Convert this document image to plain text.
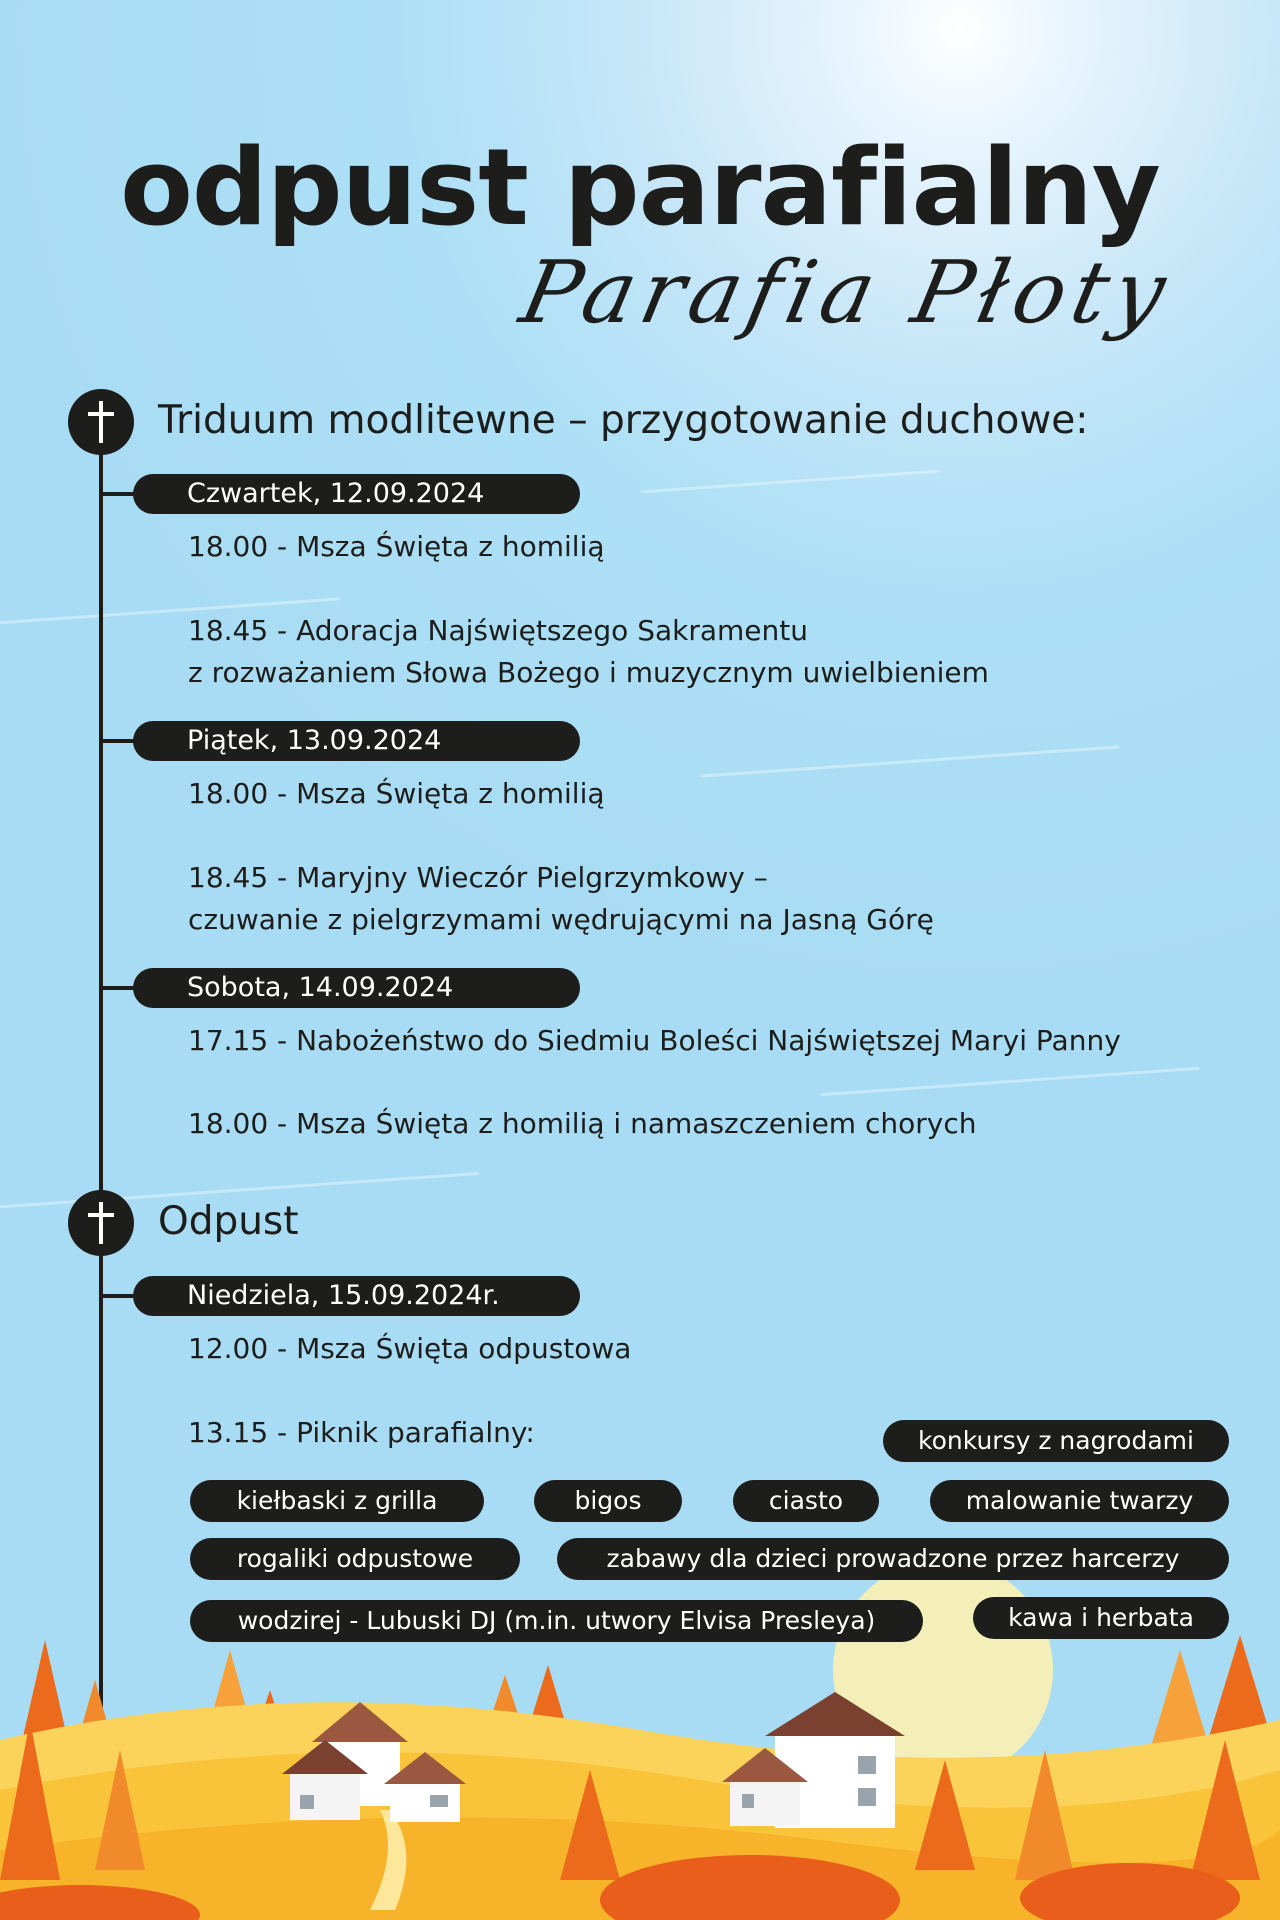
odpust parafialny
Parafia Płoty
Triduum modlitewne – przygotowanie duchowe:
Czwartek, 12.09.2024
18.00 - Msza Święta z homilią
18.45 - Adoracja Najświętszego Sakramentu
z rozważaniem Słowa Bożego i muzycznym uwielbieniem
Piątek, 13.09.2024
18.00 - Msza Święta z homilią
18.45 - Maryjny Wieczór Pielgrzymkowy –
czuwanie z pielgrzymami wędrującymi na Jasną Górę
Sobota, 14.09.2024
17.15 - Nabożeństwo do Siedmiu Boleści Najświętszej Maryi Panny
18.00 - Msza Święta z homilią i namaszczeniem chorych
Odpust
Niedziela, 15.09.2024r.
12.00 - Msza Święta odpustowa
13.15 - Piknik parafialny:	konkursy z nagrodami
kiełbaski z grilla	bigos	ciasto	malowanie twarzy
rogaliki odpustowe	zabawy dla dzieci prowadzone przez harcerzy
wodzirej - Lubuski DJ (m.in. utwory Elvisa Presleya)	kawa i herbata
